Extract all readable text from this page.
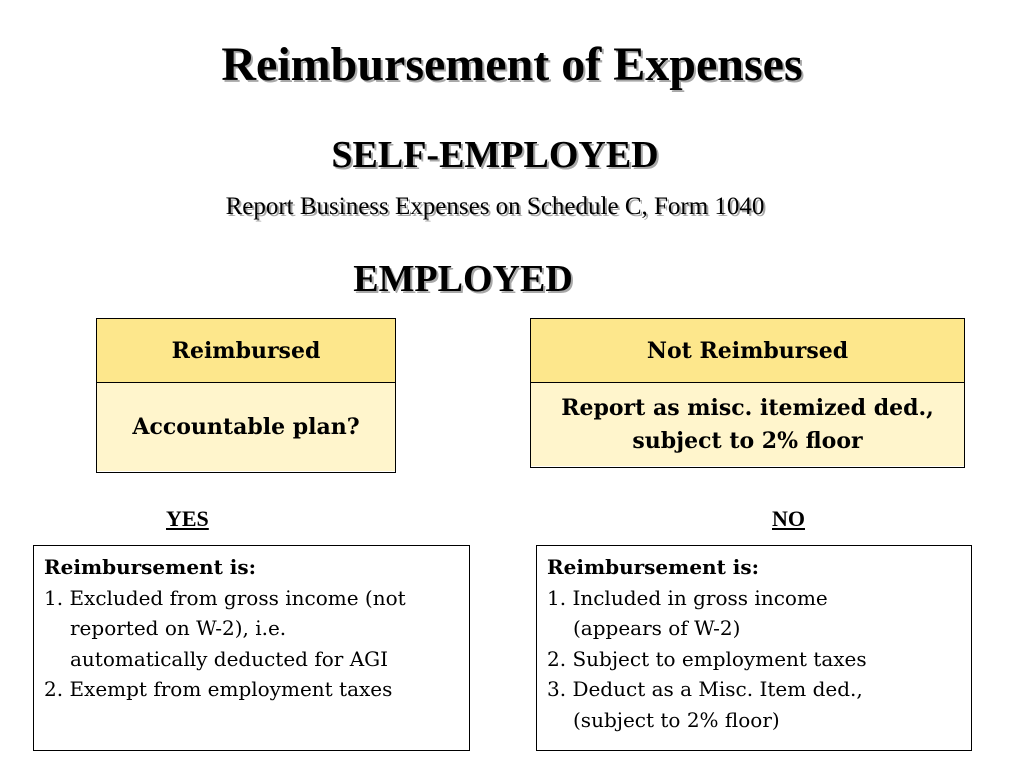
Reimbursement of Expenses
SELF-EMPLOYED
Report Business Expenses on Schedule C, Form 1040
EMPLOYED
Reimbursed
Accountable plan?
Not Reimbursed
Report as misc. itemized ded.,
subject to 2% floor
YES	NO
Reimbursement is:
1. Excluded from gross income (not
reported on W-2), i.e.
automatically deducted for AGI
2. Exempt from employment taxes
Reimbursement is:
1. Included in gross income
(appears of W-2)
2. Subject to employment taxes
3. Deduct as a Misc. Item ded.,
(subject to 2% floor)
